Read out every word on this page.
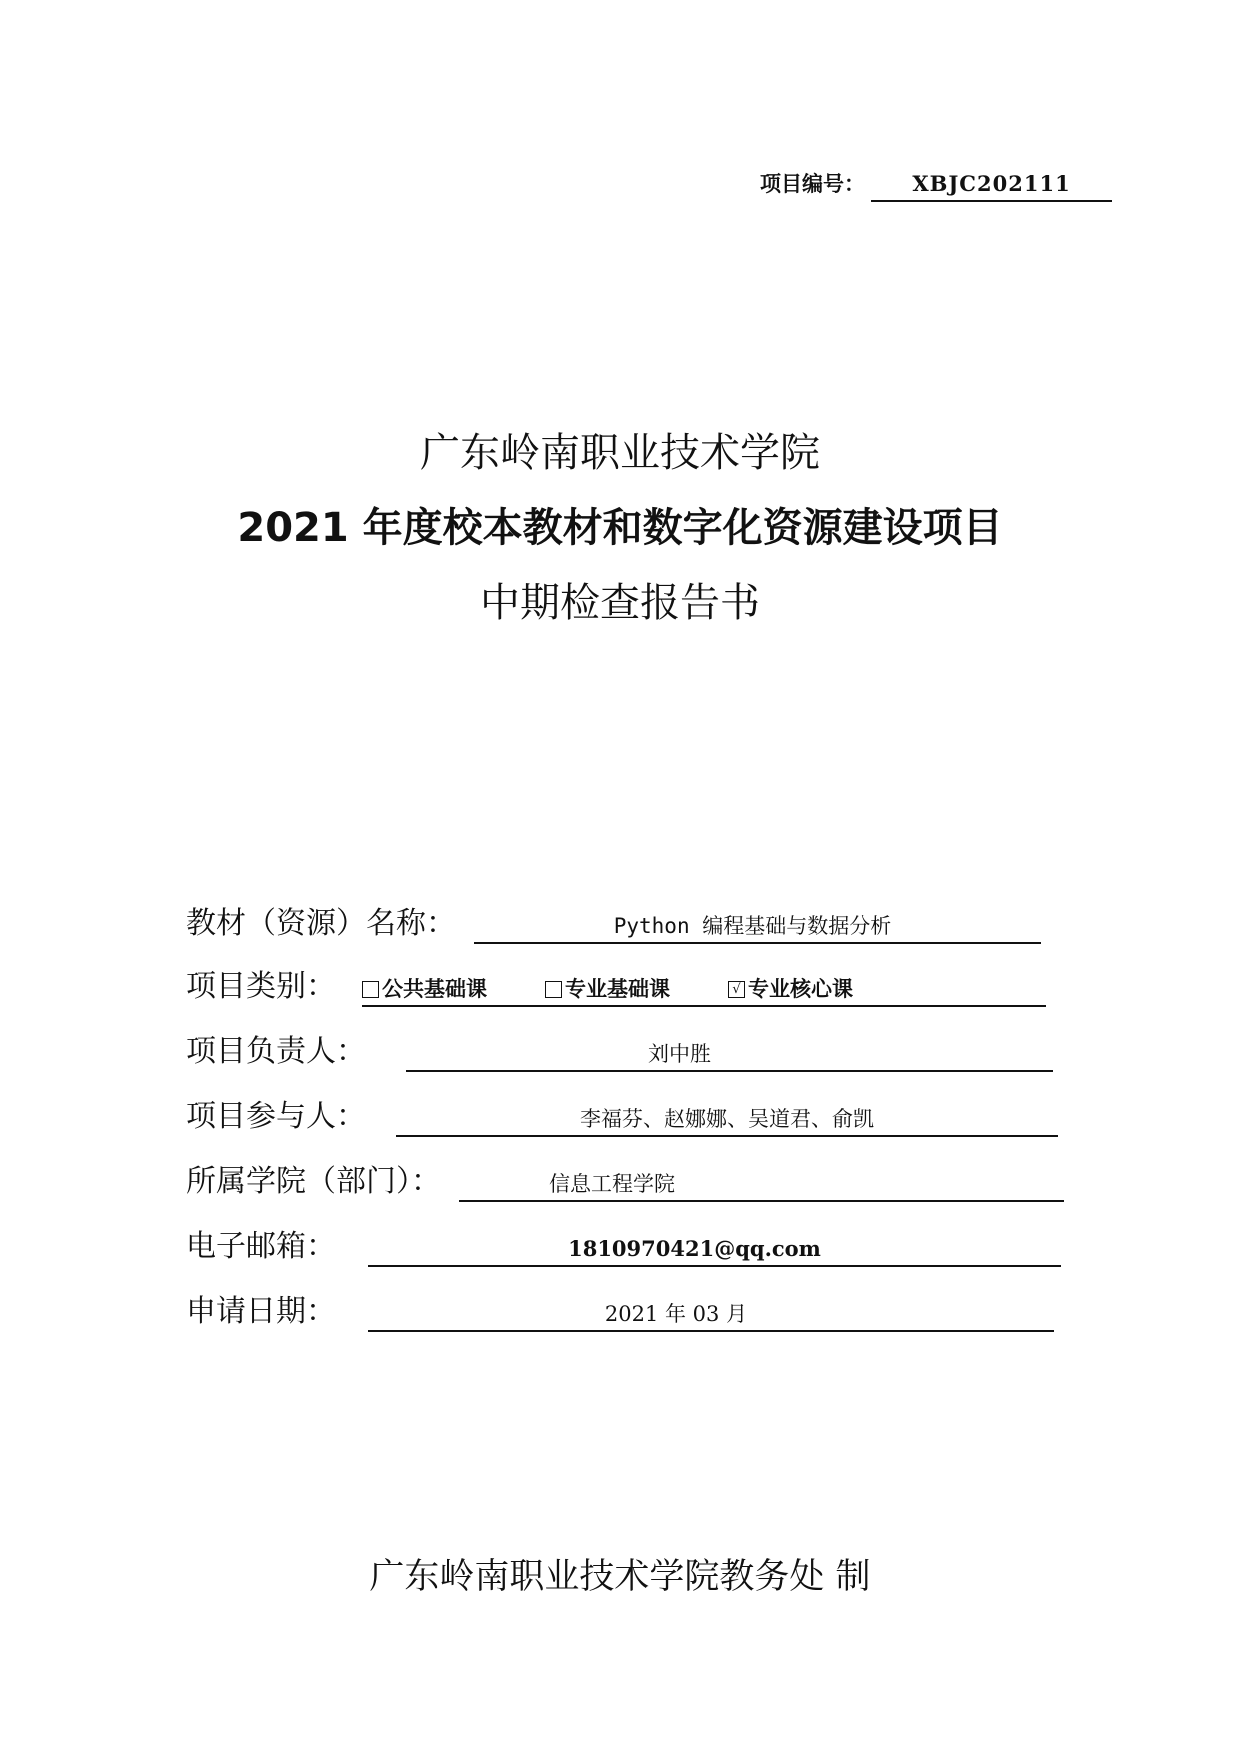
项目编号：	XBJC202111
广东岭南职业技术学院
2021 年度校本教材和数字化资源建设项目
中期检查报告书
教材（资源）名称：	Python 编程基础与数据分析
项目类别： 公共基础课	专业基础课	√ 专业核心课
项目负责人：	刘中胜
项目参与人：	李福芬、赵娜娜、吴道君、俞凯
所属学院（部门）：	信息工程学院
电子邮箱：	1810970421@qq.com
申请日期：	2021 年 03 月
广东岭南职业技术学院教务处 制
